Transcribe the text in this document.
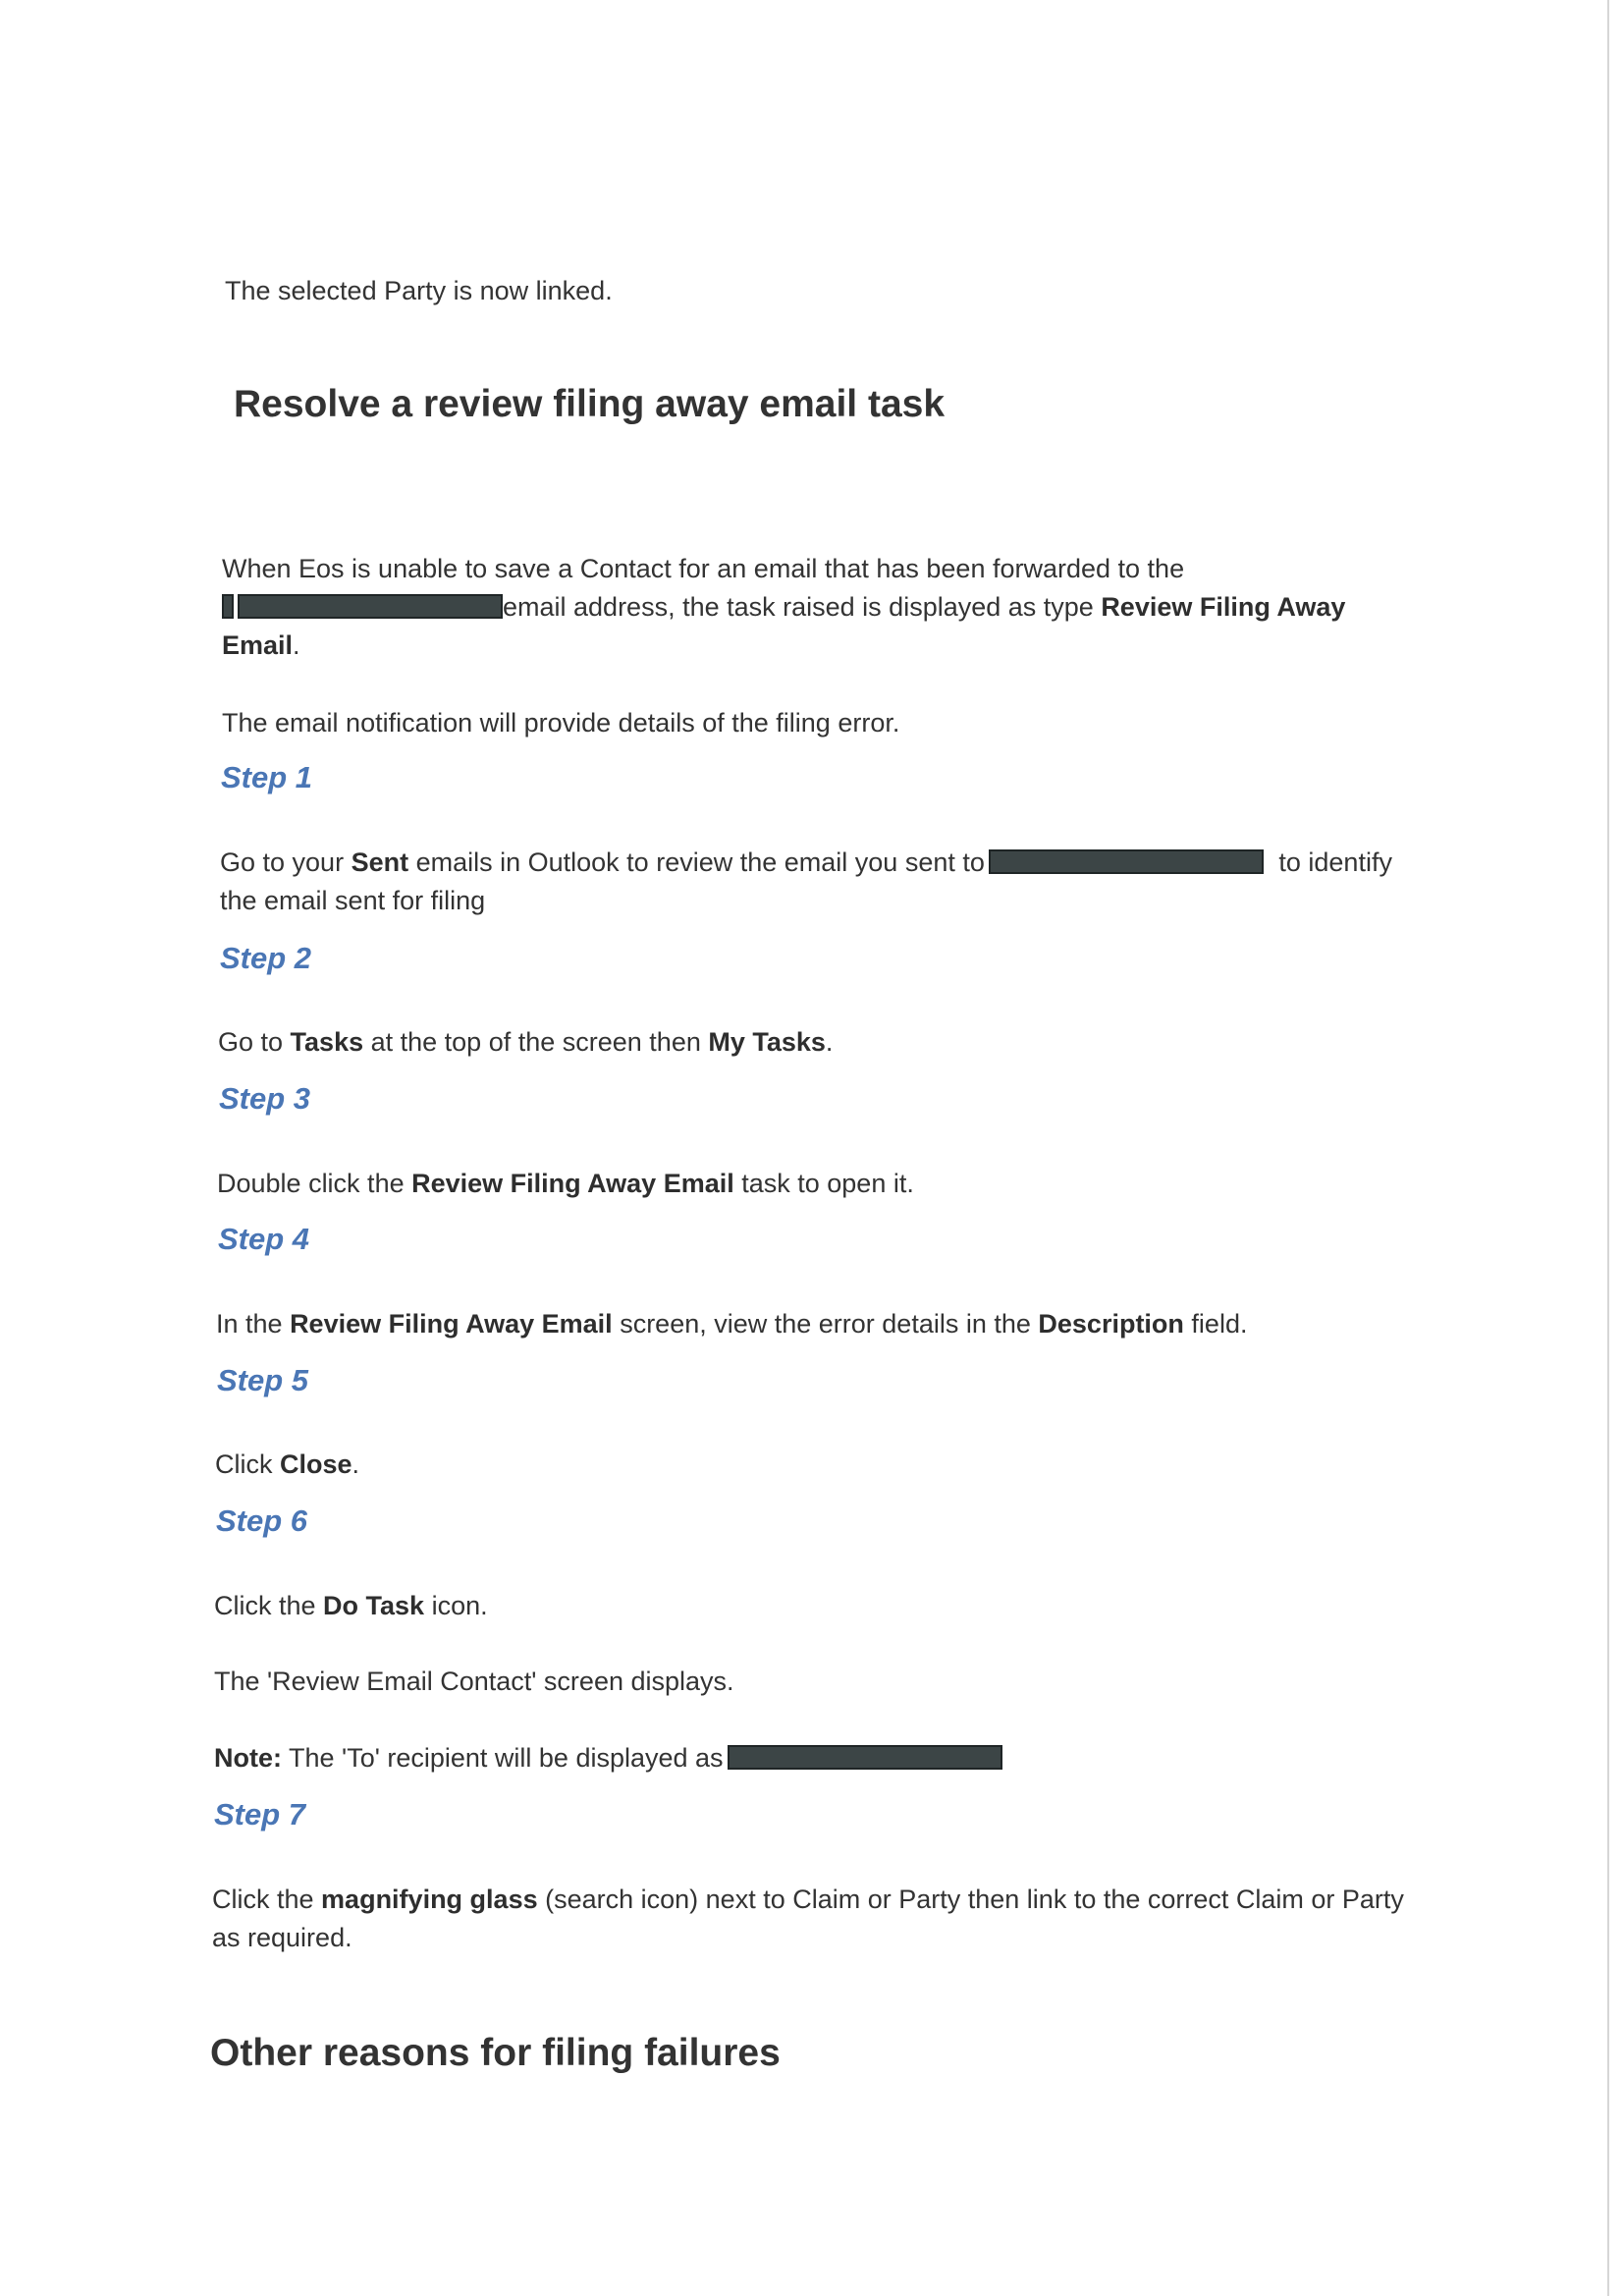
The selected Party is now linked.

Resolve a review filing away email task

When Eos is unable to save a Contact for an email that has been forwarded to the
email address, the task raised is displayed as type Review Filing Away Email.

The email notification will provide details of the filing error.

Step 1

Go to your Sent emails in Outlook to review the email you sent to	to identify the email sent for filing

Step 2

Go to Tasks at the top of the screen then My Tasks.

Step 3

Double click the Review Filing Away Email task to open it.

Step 4

In the Review Filing Away Email screen, view the error details in the Description field.

Step 5

Click Close.

Step 6

Click the Do Task icon.

The 'Review Email Contact' screen displays.

Note: The 'To' recipient will be displayed as

Step 7

Click the magnifying glass (search icon) next to Claim or Party then link to the correct Claim or Party as required.

Other reasons for filing failures
